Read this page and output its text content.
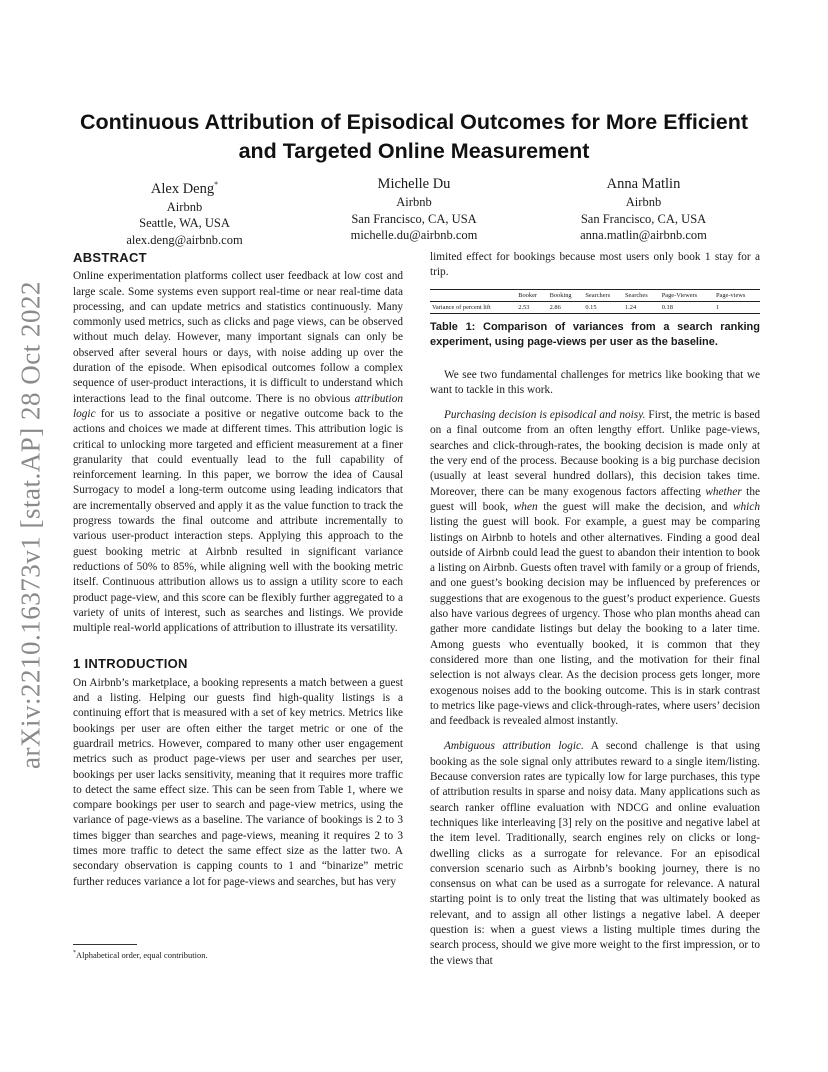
arXiv:2210.16373v1 [stat.AP] 28 Oct 2022
Continuous Attribution of Episodical Outcomes for More Efficient and Targeted Online Measurement
Alex Deng*
Airbnb
Seattle, WA, USA
alex.deng@airbnb.com
Michelle Du
Airbnb
San Francisco, CA, USA
michelle.du@airbnb.com
Anna Matlin
Airbnb
San Francisco, CA, USA
anna.matlin@airbnb.com
ABSTRACT

Online experimentation platforms collect user feedback at low cost and large scale. Some systems even support real-time or near real-time data processing, and can update metrics and statistics continuously. Many commonly used metrics, such as clicks and page views, can be observed without much delay. However, many important signals can only be observed after several hours or days, with noise adding up over the duration of the episode. When episodical outcomes follow a complex sequence of user-product interactions, it is difficult to understand which interactions lead to the final outcome. There is no obvious attribution logic for us to associate a positive or negative outcome back to the actions and choices we made at different times. This attribution logic is critical to unlocking more targeted and efficient measurement at a finer granularity that could eventually lead to the full capability of reinforcement learning. In this paper, we borrow the idea of Causal Surrogacy to model a long-term outcome using leading indicators that are incrementally observed and apply it as the value function to track the progress towards the final outcome and attribute incrementally to various user-product interaction steps. Applying this approach to the guest booking metric at Airbnb resulted in significant variance reductions of 50% to 85%, while aligning well with the booking metric itself. Continuous attribution allows us to assign a utility score to each product page-view, and this score can be flexibly further aggregated to a variety of units of interest, such as searches and listings. We provide multiple real-world applications of attribution to illustrate its versatility.

1 INTRODUCTION

On Airbnb’s marketplace, a booking represents a match between a guest and a listing. Helping our guests find high-quality listings is a continuing effort that is measured with a set of key metrics. Metrics like bookings per user are often either the target metric or one of the guardrail metrics. However, compared to many other user engagement metrics such as product page-views per user and searches per user, bookings per user lacks sensitivity, meaning that it requires more traffic to detect the same effect size. This can be seen from Table 1, where we compare bookings per user to search and page-view metrics, using the variance of page-views as a baseline. The variance of bookings is 2 to 3 times bigger than searches and page-views, meaning it requires 2 to 3 times more traffic to detect the same effect size as the latter two. A secondary observation is capping counts to 1 and “binarize” metric further reduces variance a lot for page-views and searches, but has very

limited effect for bookings because most users only book 1 stay for a trip.

	Booker	Booking	Searchers	Searches	Page-Viewers	Page-views
Variance of percent lift	2.53	2.86	0.15	1.24	0.18	1
Table 1: Comparison of variances from a search ranking experiment, using page-views per user as the baseline.

We see two fundamental challenges for metrics like booking that we want to tackle in this work.

Purchasing decision is episodical and noisy. First, the metric is based on a final outcome from an often lengthy effort. Unlike page-views, searches and click-through-rates, the booking decision is made only at the very end of the process. Because booking is a big purchase decision (usually at least several hundred dollars), this decision takes time. Moreover, there can be many exogenous factors affecting whether the guest will book, when the guest will make the decision, and which listing the guest will book. For example, a guest may be comparing listings on Airbnb to hotels and other alternatives. Finding a good deal outside of Airbnb could lead the guest to abandon their intention to book a listing on Airbnb. Guests often travel with family or a group of friends, and one guest’s booking decision may be influenced by preferences or suggestions that are exogenous to the guest’s product experience. Guests also have various degrees of urgency. Those who plan months ahead can gather more candidate listings but delay the booking to a later time. Among guests who eventually booked, it is common that they considered more than one listing, and the motivation for their final selection is not always clear. As the decision process gets longer, more exogenous noises add to the booking outcome. This is in stark contrast to metrics like page-views and click-through-rates, where users’ decision and feedback is revealed almost instantly.

Ambiguous attribution logic. A second challenge is that using booking as the sole signal only attributes reward to a single item/listing. Because conversion rates are typically low for large purchases, this type of attribution results in sparse and noisy data. Many applications such as search ranker offline evaluation with NDCG and online evaluation techniques like interleaving [3] rely on the positive and negative label at the item level. Traditionally, search engines rely on clicks or long-dwelling clicks as a surrogate for relevance. For an episodical conversion scenario such as Airbnb’s booking journey, there is no consensus on what can be used as a surrogate for relevance. A natural starting point is to only treat the listing that was ultimately booked as relevant, and to assign all other listings a negative label. A deeper question is: when a guest views a listing multiple times during the search process, should we give more weight to the first impression, or to the views that

*Alphabetical order, equal contribution.
